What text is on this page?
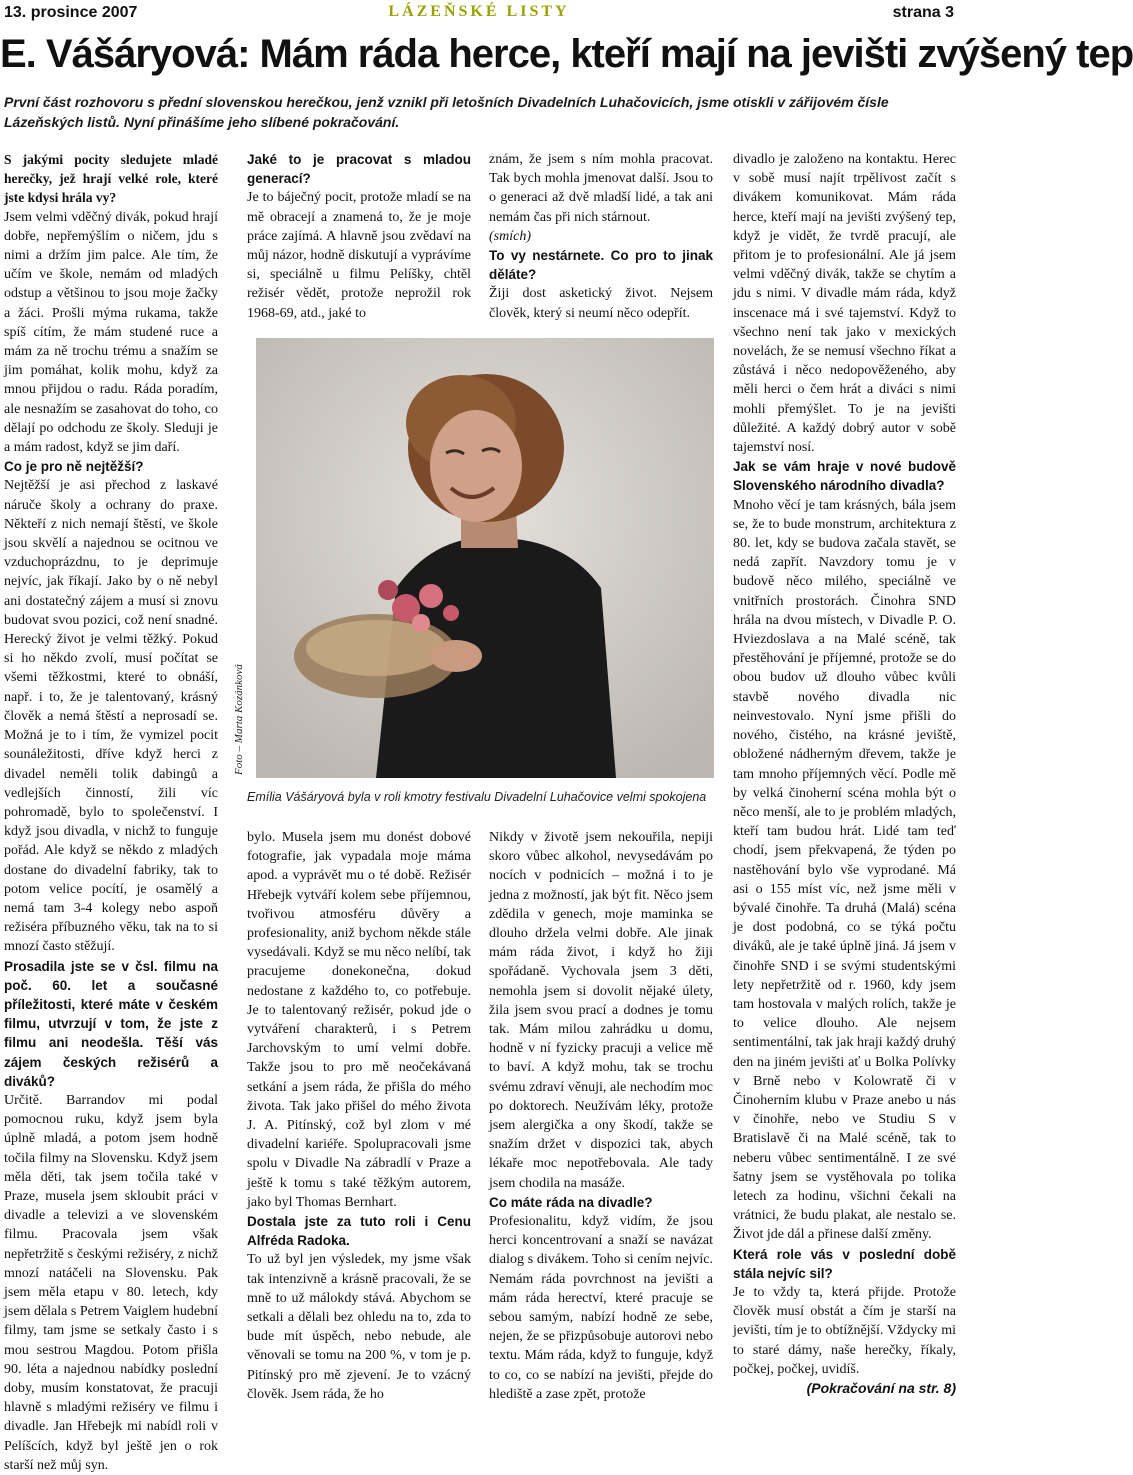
13. prosince 2007	LÁZEŇSKÉ LISTY	strana 3
E. Vášáryová: Mám ráda herce, kteří mají na jevišti zvýšený tep
První část rozhovoru s přední slovenskou herečkou, jenž vznikl při letošních Divadelních Luhačovicích, jsme otiskli v zářijovém čísle Lázeňských listů. Nyní přinášíme jeho slíbené pokračování.

S jakými pocity sledujete mladé herečky, jež hrají velké role, které jste kdysi hrála vy?

Jsem velmi vděčný divák, pokud hrají dobře, nepřemýšlím o ničem, jdu s nimi a držím jim palce. Ale tím, že učím ve škole, nemám od mladých odstup a většinou to jsou moje žačky a žáci. Prošli mýma rukama, takže spíš cítím, že mám studené ruce a mám za ně trochu trému a snažím se jim pomáhat, kolik mohu, když za mnou přijdou o radu. Ráda poradím, ale nesnažím se zasahovat do toho, co dělají po odchodu ze školy. Sleduji je a mám radost, když se jim daří.

Co je pro ně nejtěžší?

Nejtěžší je asi přechod z laskavé náruče školy a ochrany do praxe. Někteří z nich nemají štěstí, ve škole jsou skvělí a najednou se ocitnou ve vzduchoprázdnu, to je deprimuje nejvíc, jak říkají. Jako by o ně nebyl ani dostatečný zájem a musí si znovu budovat svou pozici, což není snadné. Herecký život je velmi těžký. Pokud si ho někdo zvolí, musí počítat se všemi těžkostmi, které to obnáší, např. i to, že je talentovaný, krásný člověk a nemá štěstí a neprosadí se. Možná je to i tím, že vymizel pocit sounáležitosti, dříve když herci z divadel neměli tolik dabingů a vedlejších činností, žili víc pohromadě, bylo to společenství. I když jsou divadla, v nichž to funguje pořád. Ale když se někdo z mladých dostane do divadelní fabriky, tak to potom velice pocítí, je osamělý a nemá tam 3-4 kolegy nebo aspoň režiséra příbuzného věku, tak na to si mnozí často stěžují.

Prosadila jste se v čsl. filmu na poč. 60. let a současné příležitosti, které máte v českém filmu, utvrzují v tom, že jste z filmu ani neodešla. Těší vás zájem českých režisérů a diváků?

Určitě. Barrandov mi podal pomocnou ruku, když jsem byla úplně mladá, a potom jsem hodně točila filmy na Slovensku. Když jsem měla děti, tak jsem točila také v Praze, musela jsem skloubit práci v divadle a televizi a ve slovenském filmu. Pracovala jsem však nepřetržitě s českými režiséry, z nichž mnozí natáčeli na Slovensku. Pak jsem měla etapu v 80. letech, kdy jsem dělala s Petrem Vaiglem hudební filmy, tam jsme se setkaly často i s mou sestrou Magdou. Potom přišla 90. léta a najednou nabídky poslední doby, musím konstatovat, že pracuji hlavně s mladými režiséry ve filmu i divadle. Jan Hřebejk mi nabídl roli v Pelíšcích, když byl ještě jen o rok starší než můj syn.

Jaké to je pracovat s mladou generací?

Je to báječný pocit, protože mladí se na mě obracejí a znamená to, že je moje práce zajímá. A hlavně jsou zvědaví na můj názor, hodně diskutují a vyprávíme si, speciálně u filmu Pelíšky, chtěl režisér vědět, protože neprožil rok 1968-69, atd., jaké to

znám, že jsem s ním mohla pracovat. Tak bych mohla jmenovat další. Jsou to o generaci až dvě mladší lidé, a tak ani nemám čas při nich stárnout.

(smích)

To vy nestárnete. Co pro to jinak děláte?

Žiji dost asketický život. Nejsem člověk, který si neumí něco odepřít.

Foto – Marta Kozánková
Emília Vášáryová byla v roli kmotry festivalu Divadelní Luhačovice velmi spokojena

bylo. Musela jsem mu donést dobové fotografie, jak vypadala moje máma apod. a vyprávět mu o té době. Režisér Hřebejk vytváří kolem sebe příjemnou, tvořivou atmosféru důvěry a profesionality, aniž bychom někde stále vysedávali. Když se mu něco nelíbí, tak pracujeme donekonečna, dokud nedostane z každého to, co potřebuje. Je to talentovaný režisér, pokud jde o vytváření charakterů, i s Petrem Jarchovským to umí velmi dobře. Takže jsou to pro mě neočekávaná setkání a jsem ráda, že přišla do mého života. Tak jako přišel do mého života J. A. Pitínský, což byl zlom v mé divadelní kariéře. Spolupracovali jsme spolu v Divadle Na zábradlí v Praze a ještě k tomu s také těžkým autorem, jako byl Thomas Bernhart.

Dostala jste za tuto roli i Cenu Alfréda Radoka.

To už byl jen výsledek, my jsme však tak intenzivně a krásně pracovali, že se mně to už málokdy stává. Abychom se setkali a dělali bez ohledu na to, zda to bude mít úspěch, nebo nebude, ale věnovali se tomu na 200 %, v tom je p. Pitínský pro mě zjevení. Je to vzácný člověk. Jsem ráda, že ho

Nikdy v životě jsem nekouřila, nepiji skoro vůbec alkohol, nevysedávám po nocích v podnicích – možná i to je jedna z možností, jak být fit. Něco jsem zdědila v genech, moje maminka se dlouho držela velmi dobře. Ale jinak mám ráda život, i když ho žiji spořádaně. Vychovala jsem 3 děti, nemohla jsem si dovolit nějaké úlety, žila jsem svou prací a dodnes je tomu tak. Mám milou zahrádku u domu, hodně v ní fyzicky pracuji a velice mě to baví. A když mohu, tak se trochu svému zdraví věnuji, ale nechodím moc po doktorech. Neužívám léky, protože jsem alergička a ony škodí, takže se snažím držet v dispozici tak, abych lékaře moc nepotřebovala. Ale tady jsem chodila na masáže.

Co máte ráda na divadle?

Profesionalitu, když vidím, že jsou herci koncentrovaní a snaží se navázat dialog s divákem. Toho si cením nejvíc. Nemám ráda povrchnost na jevišti a mám ráda herectví, které pracuje se sebou samým, nabízí hodně ze sebe, nejen, že se přizpůsobuje autorovi nebo textu. Mám ráda, když to funguje, když to co, co se nabízí na jevišti, přejde do hlediště a zase zpět, protože

divadlo je založeno na kontaktu. Herec v sobě musí najít trpělivost začít s divákem komunikovat. Mám ráda herce, kteří mají na jevišti zvýšený tep, když je vidět, že tvrdě pracují, ale přitom je to profesionální. Ale já jsem velmi vděčný divák, takže se chytím a jdu s nimi. V divadle mám ráda, když inscenace má i své tajemství. Když to všechno není tak jako v mexických novelách, že se nemusí všechno říkat a zůstává i něco nedopověženého, aby měli herci o čem hrát a diváci s nimi mohli přemýšlet. To je na jevišti důležité. A každý dobrý autor v sobě tajemství nosí.

Jak se vám hraje v nové budově Slovenského národního divadla?

Mnoho věcí je tam krásných, bála jsem se, že to bude monstrum, architektura z 80. let, kdy se budova začala stavět, se nedá zapřít. Navzdory tomu je v budově něco milého, speciálně ve vnitřních prostorách. Činohra SND hrála na dvou místech, v Divadle P. O. Hviezdoslava a na Malé scéně, tak přestěhování je příjemné, protože se do obou budov už dlouho vůbec kvůli stavbě nového divadla nic neinvestovalo. Nyní jsme přišli do nového, čistého, na krásné jeviště, obložené nádherným dřevem, takže je tam mnoho příjemných věcí. Podle mě by velká činoherní scéna mohla být o něco menší, ale to je problém mladých, kteří tam budou hrát. Lidé tam teď chodí, jsem překvapená, že týden po nastěhování bylo vše vyprodané. Má asi o 155 míst víc, než jsme měli v bývalé činohře. Ta druhá (Malá) scéna je dost podobná, co se týká počtu diváků, ale je také úplně jiná. Já jsem v činohře SND i se svými studentskými lety nepřetržitě od r. 1960, kdy jsem tam hostovala v malých rolích, takže je to velice dlouho. Ale nejsem sentimentální, tak jak hraji každý druhý den na jiném jevišti ať u Bolka Polívky v Brně nebo v Kolowratě či v Činoherním klubu v Praze anebo u nás v činohře, nebo ve Studiu S v Bratislavě či na Malé scéně, tak to neberu vůbec sentimentálně. I ze své šatny jsem se vystěhovala po tolika letech za hodinu, všichni čekali na vrátnici, že budu plakat, ale nestalo se. Život jde dál a přinese další změny.

Která role vás v poslední době stála nejvíc sil?

Je to vždy ta, která přijde. Protože člověk musí obstát a čím je starší na jevišti, tím je to obtížnější. Vždycky mi to staré dámy, naše herečky, říkaly, počkej, počkej, uvidíš.

(Pokračování na str. 8)
